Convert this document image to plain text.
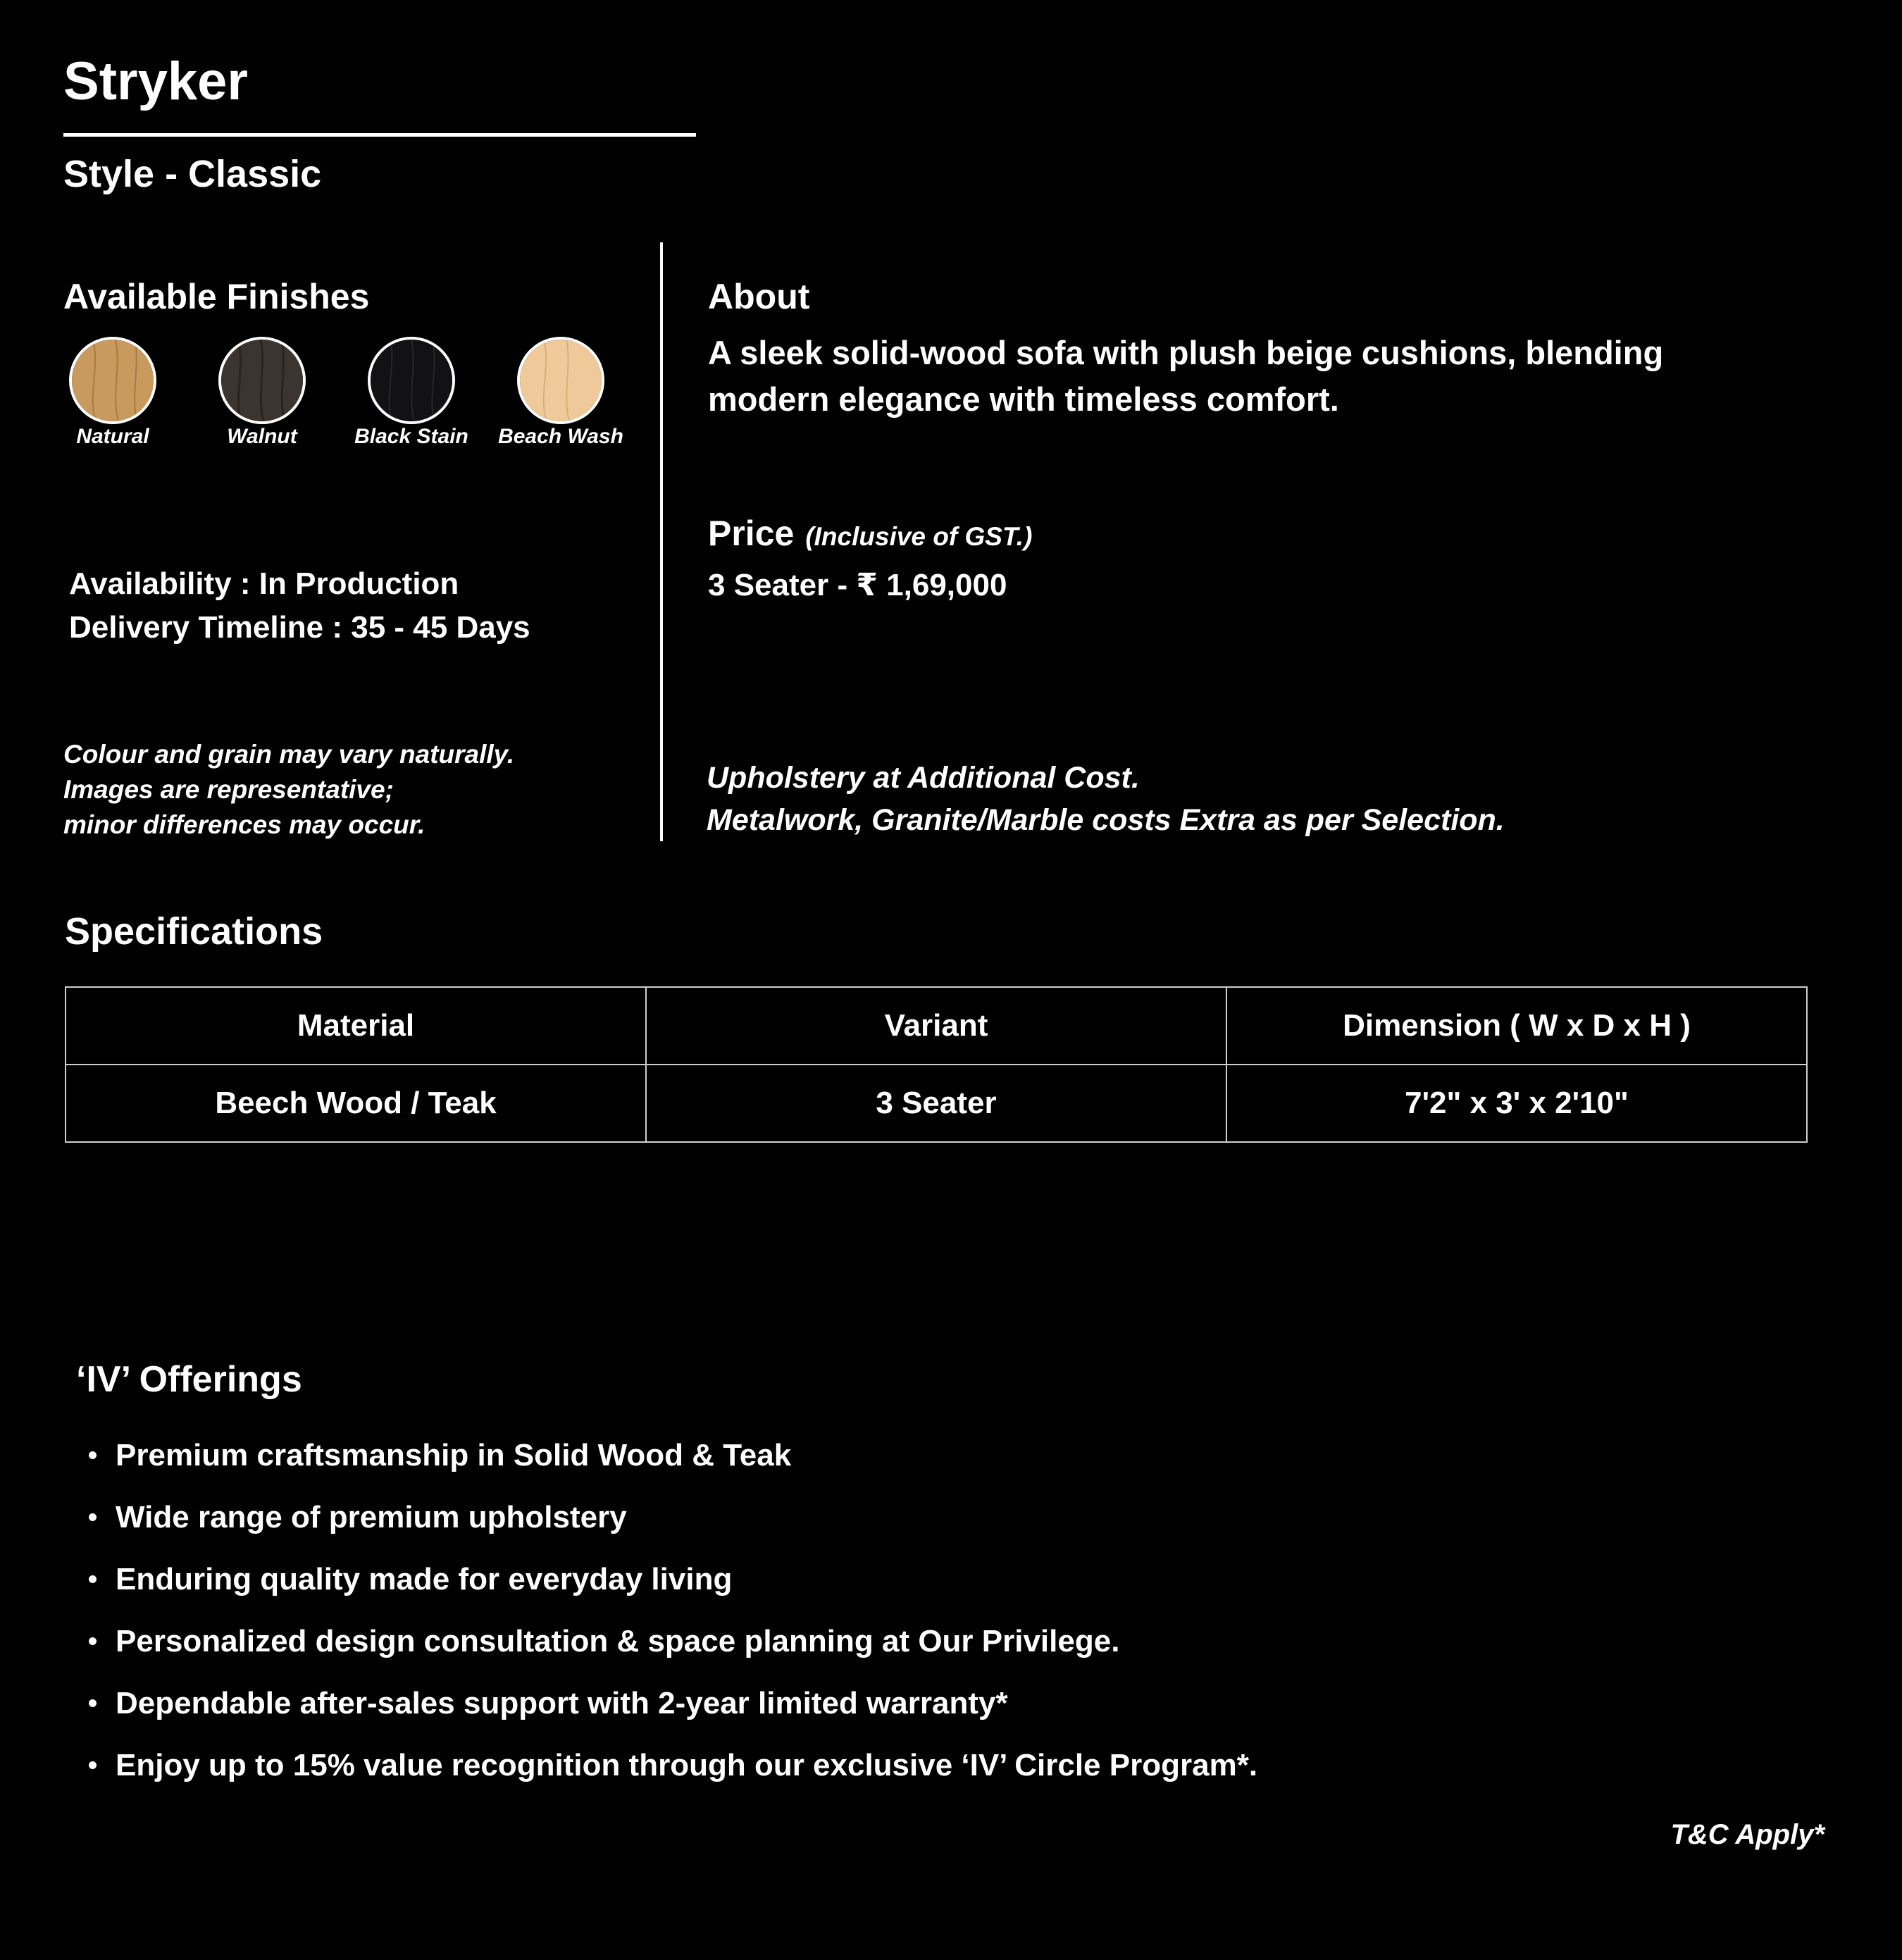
Stryker
Style - Classic
Available Finishes
Natural	Walnut	Black Stain	Beach Wash
Availability : In Production
Delivery Timeline : 35 - 45 Days
Colour and grain may vary naturally.
Images are representative;
minor differences may occur.
About
A sleek solid-wood sofa with plush beige cushions, blending modern elegance with timeless comfort.
Price (Inclusive of GST.)
3 Seater - ₹ 1,69,000
Upholstery at Additional Cost.
Metalwork, Granite/Marble costs Extra as per Selection.
Specifications
Material	Variant	Dimension ( W x D x H )
Beech Wood / Teak	3 Seater	7'2" x 3' x 2'10"
‘IV’ Offerings
Premium craftsmanship in Solid Wood & Teak
Wide range of premium upholstery
Enduring quality made for everyday living
Personalized design consultation & space planning at Our Privilege.
Dependable after-sales support with 2-year limited warranty*
Enjoy up to 15% value recognition through our exclusive ‘IV’ Circle Program*.
T&C Apply*
